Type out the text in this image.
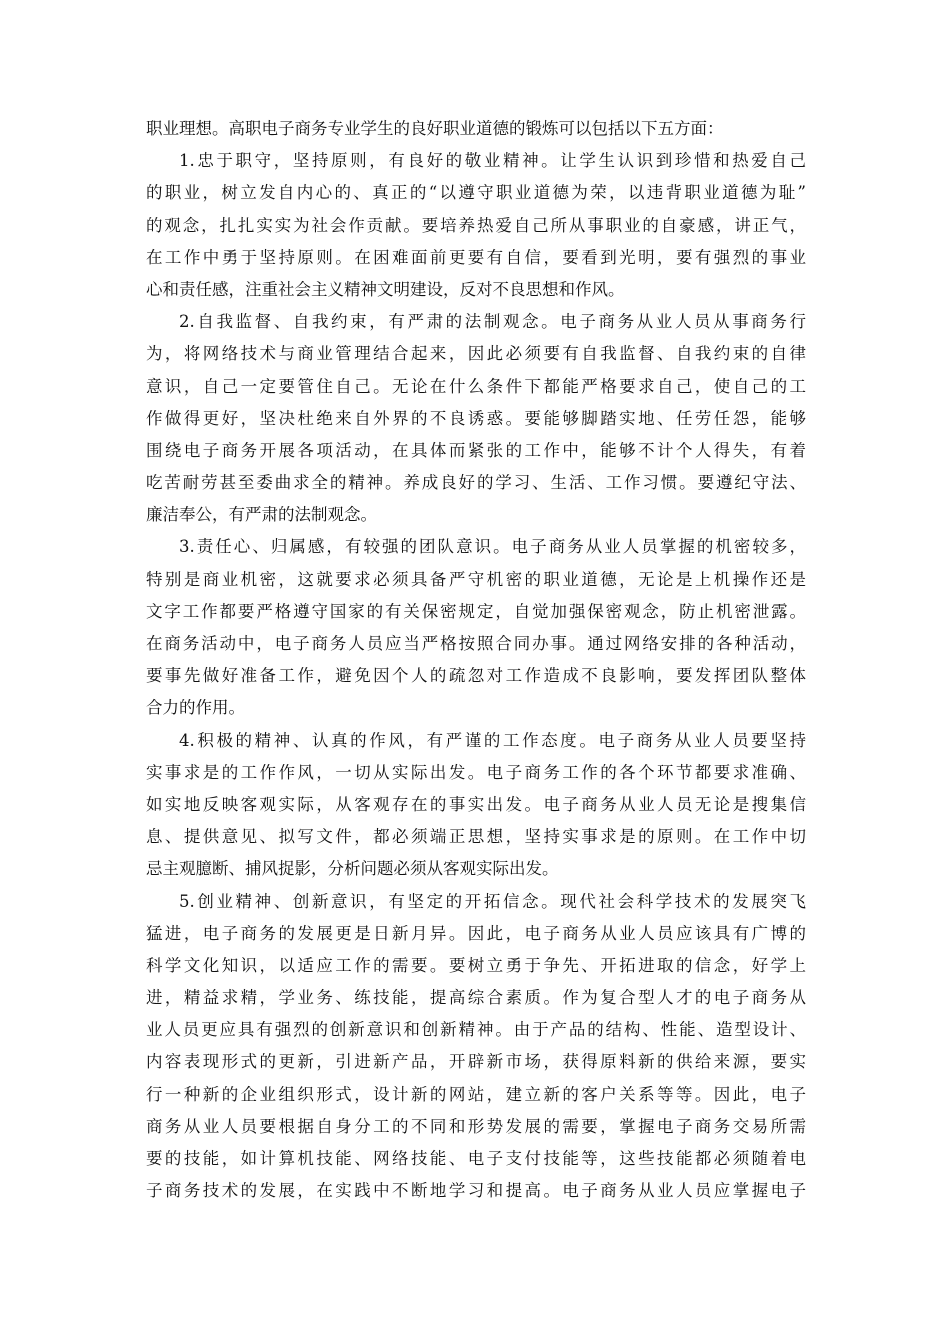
职业理想。高职电子商务专业学生的良好职业道德的锻炼可以包括以下五方面：

1.忠于职守，坚持原则，有良好的敬业精神。让学生认识到珍惜和热爱自己
的职业，树立发自内心的、真正的“以遵守职业道德为荣，以违背职业道德为耻”
的观念，扎扎实实为社会作贡献。要培养热爱自己所从事职业的自豪感，讲正气，
在工作中勇于坚持原则。在困难面前更要有自信，要看到光明，要有强烈的事业
心和责任感，注重社会主义精神文明建设，反对不良思想和作风。

2.自我监督、自我约束，有严肃的法制观念。电子商务从业人员从事商务行
为，将网络技术与商业管理结合起来，因此必须要有自我监督、自我约束的自律
意识，自己一定要管住自己。无论在什么条件下都能严格要求自己，使自己的工
作做得更好，坚决杜绝来自外界的不良诱惑。要能够脚踏实地、任劳任怨，能够
围绕电子商务开展各项活动，在具体而紧张的工作中，能够不计个人得失，有着
吃苦耐劳甚至委曲求全的精神。养成良好的学习、生活、工作习惯。要遵纪守法、
廉洁奉公，有严肃的法制观念。

3.责任心、归属感，有较强的团队意识。电子商务从业人员掌握的机密较多，
特别是商业机密，这就要求必须具备严守机密的职业道德，无论是上机操作还是
文字工作都要严格遵守国家的有关保密规定，自觉加强保密观念，防止机密泄露。
在商务活动中，电子商务人员应当严格按照合同办事。通过网络安排的各种活动，
要事先做好准备工作，避免因个人的疏忽对工作造成不良影响，要发挥团队整体
合力的作用。

4.积极的精神、认真的作风，有严谨的工作态度。电子商务从业人员要坚持
实事求是的工作作风，一切从实际出发。电子商务工作的各个环节都要求准确、
如实地反映客观实际，从客观存在的事实出发。电子商务从业人员无论是搜集信
息、提供意见、拟写文件，都必须端正思想，坚持实事求是的原则。在工作中切
忌主观臆断、捕风捉影，分析问题必须从客观实际出发。

5.创业精神、创新意识，有坚定的开拓信念。现代社会科学技术的发展突飞
猛进，电子商务的发展更是日新月异。因此，电子商务从业人员应该具有广博的
科学文化知识，以适应工作的需要。要树立勇于争先、开拓进取的信念，好学上
进，精益求精，学业务、练技能，提高综合素质。作为复合型人才的电子商务从
业人员更应具有强烈的创新意识和创新精神。由于产品的结构、性能、造型设计、
内容表现形式的更新，引进新产品，开辟新市场，获得原料新的供给来源，要实
行一种新的企业组织形式，设计新的网站，建立新的客户关系等等。因此，电子
商务从业人员要根据自身分工的不同和形势发展的需要，掌握电子商务交易所需
要的技能，如计算机技能、网络技能、电子支付技能等，这些技能都必须随着电
子商务技术的发展，在实践中不断地学习和提高。电子商务从业人员应掌握电子
